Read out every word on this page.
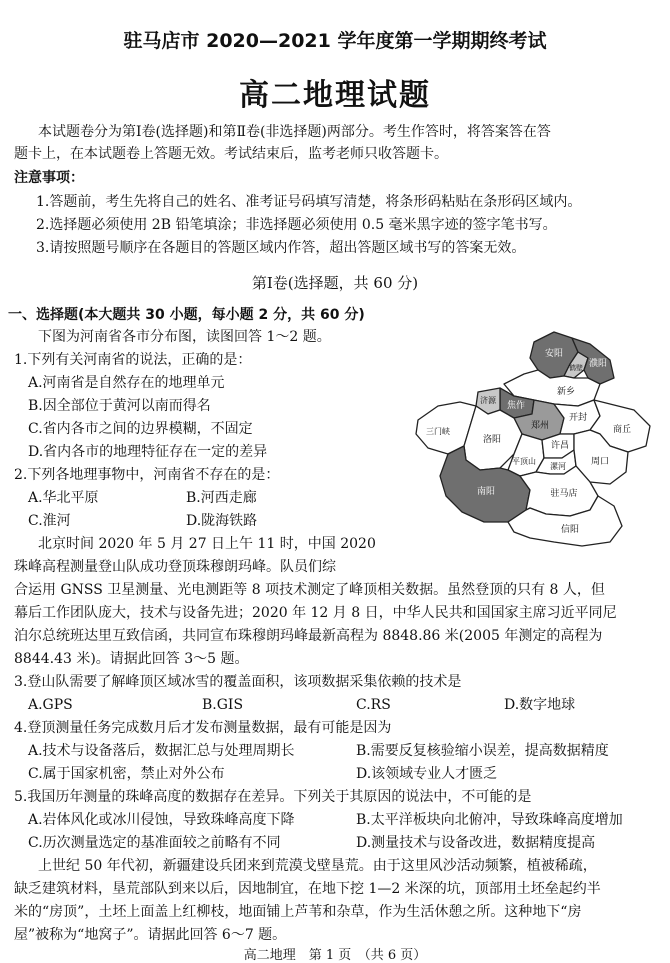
驻马店市 2020—2021 学年度第一学期期终考试
高二地理试题
本试题卷分为第Ⅰ卷(选择题)和第Ⅱ卷(非选择题)两部分。考生作答时，将答案答在答
题卡上，在本试题卷上答题无效。考试结束后，监考老师只收答题卡。
注意事项：
1.答题前，考生先将自己的姓名、准考证号码填写清楚，将条形码粘贴在条形码区域内。
2.选择题必须使用 2B 铅笔填涂；非选择题必须使用 0.5 毫米黑字迹的签字笔书写。
3.请按照题号顺序在各题目的答题区域内作答，超出答题区域书写的答案无效。
第Ⅰ卷(选择题，共 60 分)
一、选择题(本大题共 30 小题，每小题 2 分，共 60 分)
下图为河南省各市分布图，读图回答 1～2 题。
1.下列有关河南省的说法，正确的是：
A.河南省是自然存在的地理单元
B.因全部位于黄河以南而得名
C.省内各市之间的边界模糊，不固定
D.省内各市的地理特征存在一定的差异
2.下列各地理事物中，河南省不存在的是：
A.华北平原	B.河西走廊
C.淮河	D.陇海铁路
安阳
鹤壁 濮阳
新乡
焦作
济源
郑州
开封
商丘
三门峡
洛阳
平顶山
许昌
漯河	周口
南阳	驻马店
信阳
北京时间 2020 年 5 月 27 日上午 11 时，中国 2020
珠峰高程测量登山队成功登顶珠穆朗玛峰。队员们综
合运用 GNSS 卫星测量、光电测距等 8 项技术测定了峰顶相关数据。虽然登顶的只有 8 人，但
幕后工作团队庞大，技术与设备先进；2020 年 12 月 8 日，中华人民共和国国家主席习近平同尼
泊尔总统班达里互致信函，共同宣布珠穆朗玛峰最新高程为 8848.86 米(2005 年测定的高程为
8844.43 米)。请据此回答 3～5 题。
3.登山队需要了解峰顶区域冰雪的覆盖面积，该项数据采集依赖的技术是
A.GPS	B.GIS	C.RS	D.数字地球
4.登顶测量任务完成数月后才发布测量数据，最有可能是因为
A.技术与设备落后，数据汇总与处理周期长	B.需要反复核验缩小误差，提高数据精度
C.属于国家机密，禁止对外公布	D.该领域专业人才匮乏
5.我国历年测量的珠峰高度的数据存在差异。下列关于其原因的说法中，不可能的是
A.岩体风化或冰川侵蚀，导致珠峰高度下降	B.太平洋板块向北俯冲，导致珠峰高度增加
C.历次测量选定的基准面较之前略有不同	D.测量技术与设备改进，数据精度提高
上世纪 50 年代初，新疆建设兵团来到荒漠戈壁垦荒。由于这里风沙活动频繁，植被稀疏，
缺乏建筑材料，垦荒部队到来以后，因地制宜，在地下挖 1—2 米深的坑，顶部用土坯垒起约半
米的“房顶”，土坯上面盖上红柳枝，地面铺上芦苇和杂草，作为生活休憩之所。这种地下“房
屋”被称为“地窝子”。请据此回答 6～7 题。
高二地理　第 1 页　（共 6 页）
